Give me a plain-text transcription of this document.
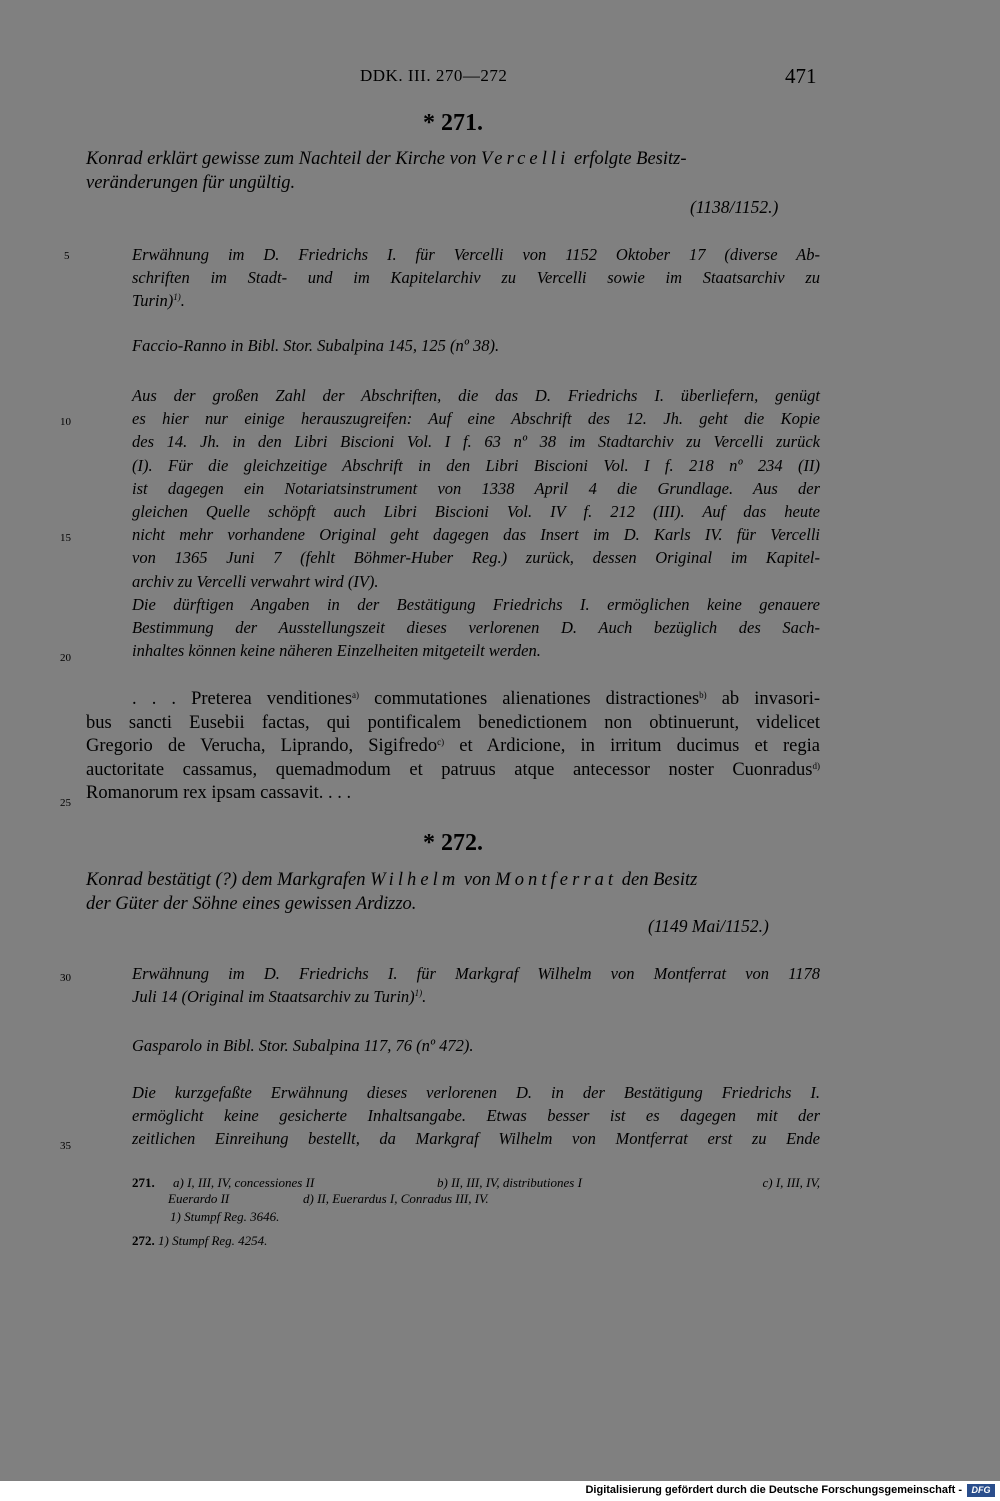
DDK. III. 270—272	471
* 271.
Konrad erklärt gewisse zum Nachteil der Kirche von Vercelli erfolgte Besitz-
veränderungen für ungültig.
(1138/1152.)
5	Erwähnung im D. Friedrichs I. für Vercelli von 1152 Oktober 17 (diverse Ab-
schriften im Stadt- und im Kapitelarchiv zu Vercelli sowie im Staatsarchiv zu
Turin)$^{1)}$.
Faccio-Ranno in Bibl. Stor. Subalpina 145, 125 (nº 38).
10
15
20
Aus der großen Zahl der Abschriften, die das D. Friedrichs I. überliefern, genügt
es hier nur einige herauszugreifen: Auf eine Abschrift des 12. Jh. geht die Kopie
des 14. Jh. in den Libri Biscioni Vol. I f. 63 nº 38 im Stadtarchiv zu Vercelli zurück
(I). Für die gleichzeitige Abschrift in den Libri Biscioni Vol. I f. 218 nº 234 (II)
ist dagegen ein Notariatsinstrument von 1338 April 4 die Grundlage. Aus der
gleichen Quelle schöpft auch Libri Biscioni Vol. IV f. 212 (III). Auf das heute
nicht mehr vorhandene Original geht dagegen das Insert im D. Karls IV. für Vercelli
von 1365 Juni 7 (fehlt Böhmer-Huber Reg.) zurück, dessen Original im Kapitel-
archiv zu Vercelli verwahrt wird (IV).
Die dürftigen Angaben in der Bestätigung Friedrichs I. ermöglichen keine genauere
Bestimmung der Ausstellungszeit dieses verlorenen D. Auch bezüglich des Sach-
inhaltes können keine näheren Einzelheiten mitgeteilt werden.
. . . Preterea venditiones$^{a)}$ commutationes alienationes distractiones$^{b)}$ ab invasori-
bus sancti Eusebii factas, qui pontificalem benedictionem non obtinuerunt, videlicet
Gregorio de Verucha, Liprando, Sigifredo$^{c)}$ et Ardicione, in irritum ducimus et regia
auctoritate cassamus, quemadmodum et patruus atque antecessor noster Cuonradus$^{d)}$
Romanorum rex ipsam cassavit. . . .
25
* 272.
Konrad bestätigt (?) dem Markgrafen Wilhelm von Montferrat den Besitz
der Güter der Söhne eines gewissen Ardizzo.
(1149 Mai/1152.)
30	Erwähnung im D. Friedrichs I. für Markgraf Wilhelm von Montferrat von 1178
Juli 14 (Original im Staatsarchiv zu Turin)$^{1)}$.
Gasparolo in Bibl. Stor. Subalpina 117, 76 (nº 472).
35
Die kurzgefaßte Erwähnung dieses verlorenen D. in der Bestätigung Friedrichs I.
ermöglicht keine gesicherte Inhaltsangabe. Etwas besser ist es dagegen mit der
zeitlichen Einreihung bestellt, da Markgraf Wilhelm von Montferrat erst zu Ende
271. a) I, III, IV, concessiones II	b) II, III, IV, distributiones I	c) I, III, IV,
Euerardo II	d) II, Euerardus I, Conradus III, IV.
1) Stumpf Reg. 3646.
272. 1) Stumpf Reg. 4254.
Digitalisierung gefördert durch die Deutsche Forschungsgemeinschaft -	DFG
